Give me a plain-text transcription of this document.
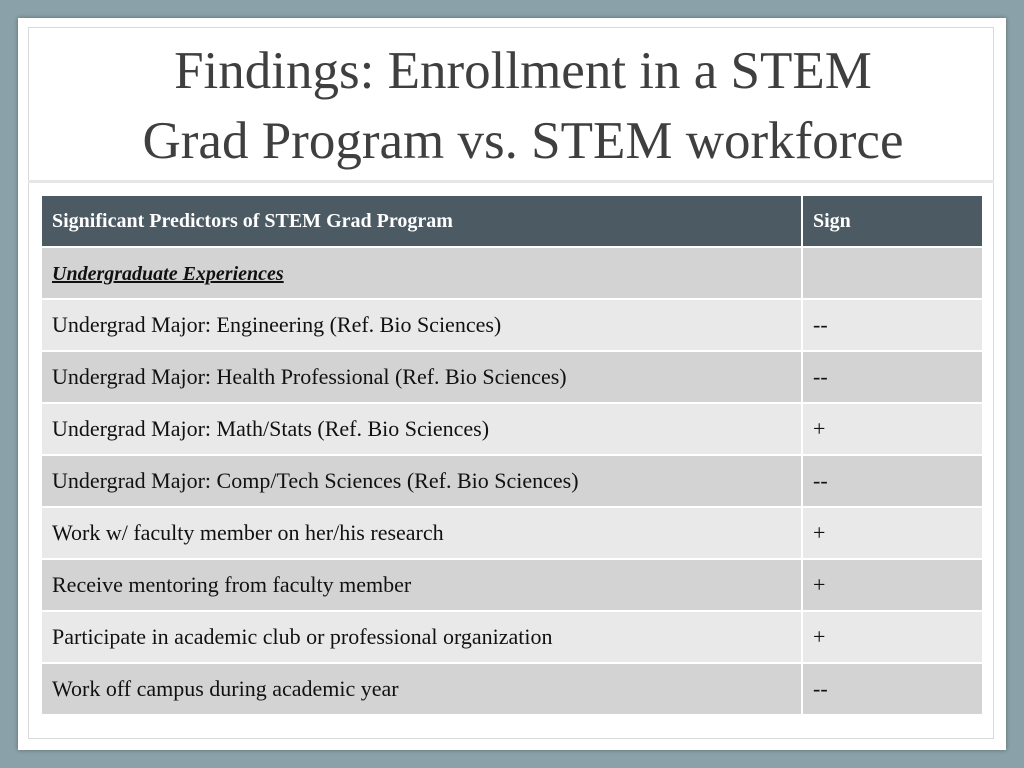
Findings: Enrollment in a STEM
Grad Program vs. STEM workforce
Significant Predictors of STEM Grad Program	Sign
Undergraduate Experiences	
Undergrad Major: Engineering (Ref. Bio Sciences)	--
Undergrad Major: Health Professional (Ref. Bio Sciences)	--
Undergrad Major: Math/Stats (Ref. Bio Sciences)	+
Undergrad Major: Comp/Tech Sciences (Ref. Bio Sciences)	--
Work w/ faculty member on her/his research	+
Receive mentoring from faculty member	+
Participate in academic club or professional organization	+
Work off campus during academic year	--
